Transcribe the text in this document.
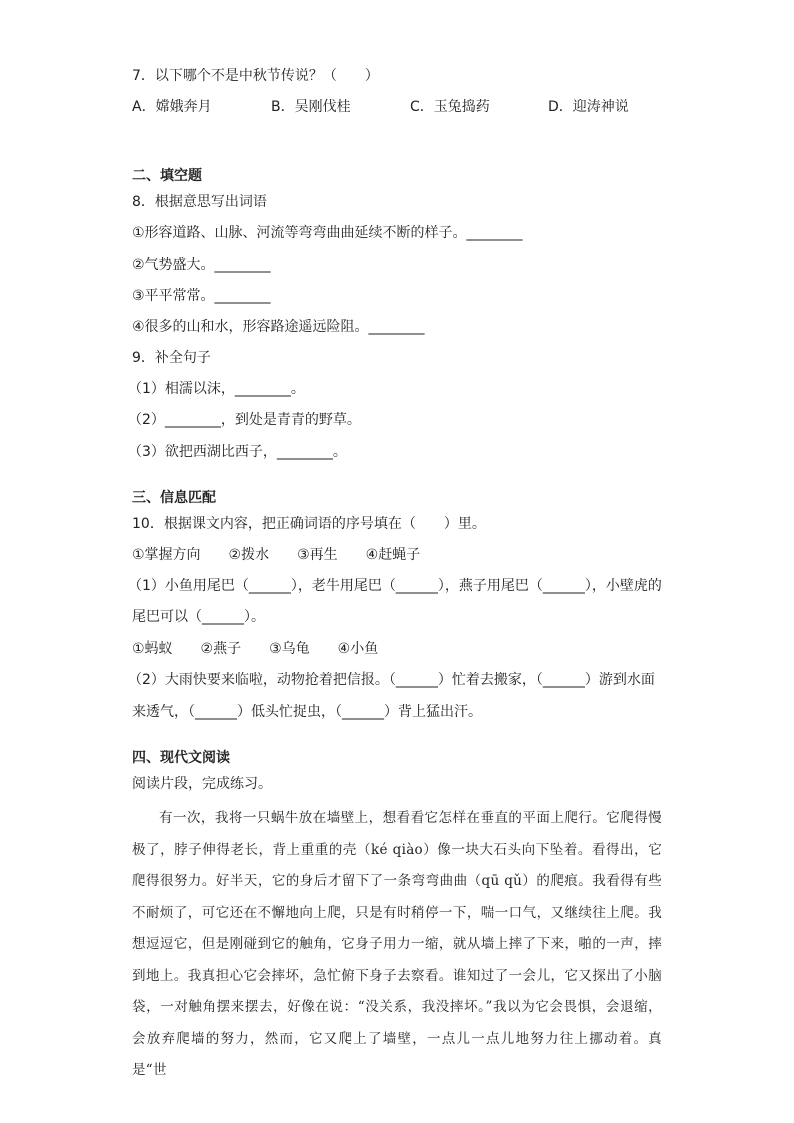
7．以下哪个不是中秋节传说？（　　）
A．嫦娥奔月	B．吴刚伐桂	C．玉兔捣药	D．迎涛神说
二、填空题
8．根据意思写出词语
①形容道路、山脉、河流等弯弯曲曲延续不断的样子。________
②气势盛大。________
③平平常常。________
④很多的山和水，形容路途遥远险阻。________
9．补全句子
（1）相濡以沫，________。
（2）________，到处是青青的野草。
（3）欲把西湖比西子，________。
三、信息匹配
10．根据课文内容，把正确词语的序号填在（　　）里。
①掌握方向　　②拨水　　③再生　　④赶蝇子
（1）小鱼用尾巴（______），老牛用尾巴（______），燕子用尾巴（______），小壁虎的
尾巴可以（______）。
①蚂蚁　　②燕子　　③乌龟　　④小鱼
（2）大雨快要来临啦，动物抢着把信报。（______）忙着去搬家，（______）游到水面
来透气，（______）低头忙捉虫，（______）背上猛出汗。
四、现代文阅读
阅读片段，完成练习。

有一次，我将一只蜗牛放在墙壁上，想看看它怎样在垂直的平面上爬行。它爬得慢极了，脖子伸得老长，背上重重的壳（ké qiào）像一块大石头向下坠着。看得出，它爬得很努力。好半天，它的身后才留下了一条弯弯曲曲（qū qǔ）的爬痕。我看得有些不耐烦了，可它还在不懈地向上爬，只是有时稍停一下，喘一口气，又继续往上爬。我想逗逗它，但是刚碰到它的触角，它身子用力一缩，就从墙上摔了下来，啪的一声，摔到地上。我真担心它会摔坏，急忙俯下身子去察看。谁知过了一会儿，它又探出了小脑袋，一对触角摆来摆去，好像在说：“没关系，我没摔坏。”我以为它会畏惧，会退缩，会放弃爬墙的努力，然而，它又爬上了墙壁，一点儿一点儿地努力往上挪动着。真是“世
